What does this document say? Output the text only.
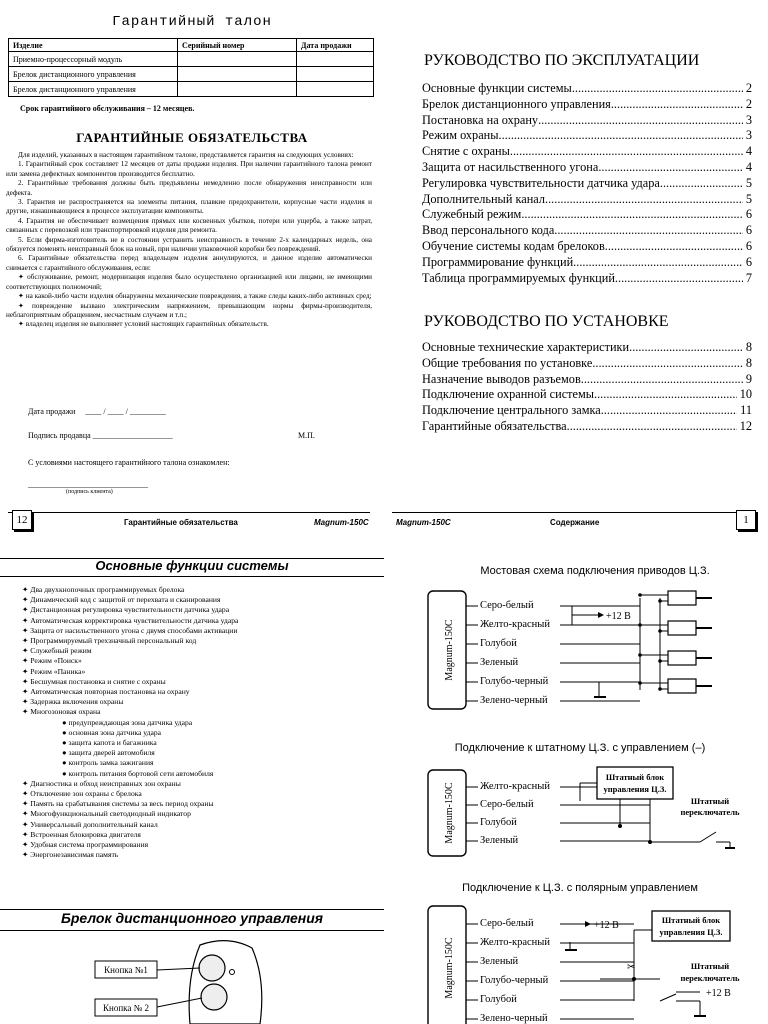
Гарантийный талон
Изделие	Серийный номер	Дата продажи
Приемно-процессорный модуль		
Брелок дистанционного управления		
Брелок дистанционного управления		
Срок гарантийного обслуживания – 12 месяцев.
ГАРАНТИЙНЫЕ ОБЯЗАТЕЛЬСТВА

Для изделий, указанных в настоящем гарантийном талоне, представляется гарантия на следующих условиях:

1. Гарантийный срок составляет 12 месяцев от даты продажи изделия. При наличии гарантийного талона ремонт или замена дефектных компонентов производится бесплатно.

2. Гарантийные требования должны быть предъявлены немедленно после обнаружения неисправности или дефекта.

3. Гарантия не распространяется на элементы питания, плавкие предохранители, корпусные части изделия и другие, изнашивающиеся в процессе эксплуатации компоненты.

4. Гарантия не обеспечивает возмещения прямых или косвенных убытков, потери или ущерба, а также затрат, связанных с перевозкой или транспортировкой изделия для ремонта.

5. Если фирма-изготовитель не в состоянии устранить неисправность в течение 2-х календарных недель, она обязуется поменять неисправный блок на новый, при наличии упаковочной коробки без повреждений.

6. Гарантийные обязательства перед владельцем изделия аннулируются, и данное изделие автоматически снимается с гарантийного обслуживания, если:

✦ обслуживание, ремонт, модернизация изделия было осуществлено организацией или лицами, не имеющими соответствующих полномочий;

✦ на какой-либо части изделия обнаружены механические повреждения, а также следы каких-либо активных сред;

✦ повреждение вызвано электрическим напряжением, превышающим нормы фирмы-производителя, неблагоприятным обращением, несчастным случаем и т.п.;

✦ владелец изделия не выполняет условий настоящих гарантийных обязательств.

Дата продажи     ____ / ____ / _________
Подпись продавца ____________________	М.П.
С условиями настоящего гарантийного талона ознакомлен:
______________________________
(подпись клиента)
12	Гарантийные обязательства	Magnum-150C	1
Magnum-150C	Содержание
РУКОВОДСТВО ПО ЭКСПЛУАТАЦИИ
Основные функции системы .....	2
Брелок дистанционного управления .....	2
Постановка на охрану .....	3
Режим охраны .....	3
Снятие с охраны .....	4
Защита от насильственного угона .....	4
Регулировка чувствительности датчика удара .....	5
Дополнительный канал .....	5
Служебный режим .....	6
Ввод персонального кода .....	6
Обучение системы кодам брелоков .....	6
Программирование функций .....	6
Таблица программируемых функций .....	7
РУКОВОДСТВО ПО УСТАНОВКЕ
Основные технические характеристики .....	8
Общие требования по установке .....	8
Назначение выводов разъемов .....	9
Подключение охранной системы .....	10
Подключение центрального замка .....	11
Гарантийные обязательства .....	12
Основные функции системы
✦ Два двухкнопочных программируемых брелока
✦ Динамический код с защитой от перехвата и сканирования
✦ Дистанционная регулировка чувствительности датчика удара
✦ Автоматическая корректировка чувствительности датчика удара
✦ Защита от насильственного угона с двумя способами активации
✦ Программируемый трехзначный персональный код
✦ Служебный режим
✦ Режим «Поиск»
✦ Режим «Паника»
✦ Бесшумная постановка и снятие с охраны
✦ Автоматическая повторная постановка на охрану
✦ Задержка включения охраны
✦ Многозоновая охрана
● предупреждающая зона датчика удара
● основная зона датчика удара
● защита капота и багажника
● защита дверей автомобиля
● контроль замка зажигания
● контроль питания бортовой сети автомобиля
✦ Диагностика и обход неисправных зон охраны
✦ Отключение зон охраны с брелока
✦ Память на срабатывания системы за весь период охраны
✦ Многофункциональный светодиодный индикатор
✦ Универсальный дополнительный канал
✦ Встроенная блокировка двигателя
✦ Удобная система программирования
✦ Энергонезависимая память
Брелок дистанционного управления
Кнопка №1
Кнопка № 2
Мостовая схема подключения приводов Ц.З.
Magnum-150C
Серо-белый
Желто-красный
Голубой
Зеленый
Голубо-черный
Зелено-черный
+12 В
Подключение к штатному Ц.З. с управлением (–)
Magnum-150C Желто-красный
Серо-белый
Голубой
Зеленый
Штатный блок
управления Ц.З.
Штатный
переключатель
Подключение к Ц.З. с полярным управлением
Magnum-150C
Серо-белый
Желто-красный
Зеленый
Голубо-черный
Голубой
Зелено-черный
+12 В	Штатный блок
управления Ц.З.
✂	Штатный
переключатель
+12 В
